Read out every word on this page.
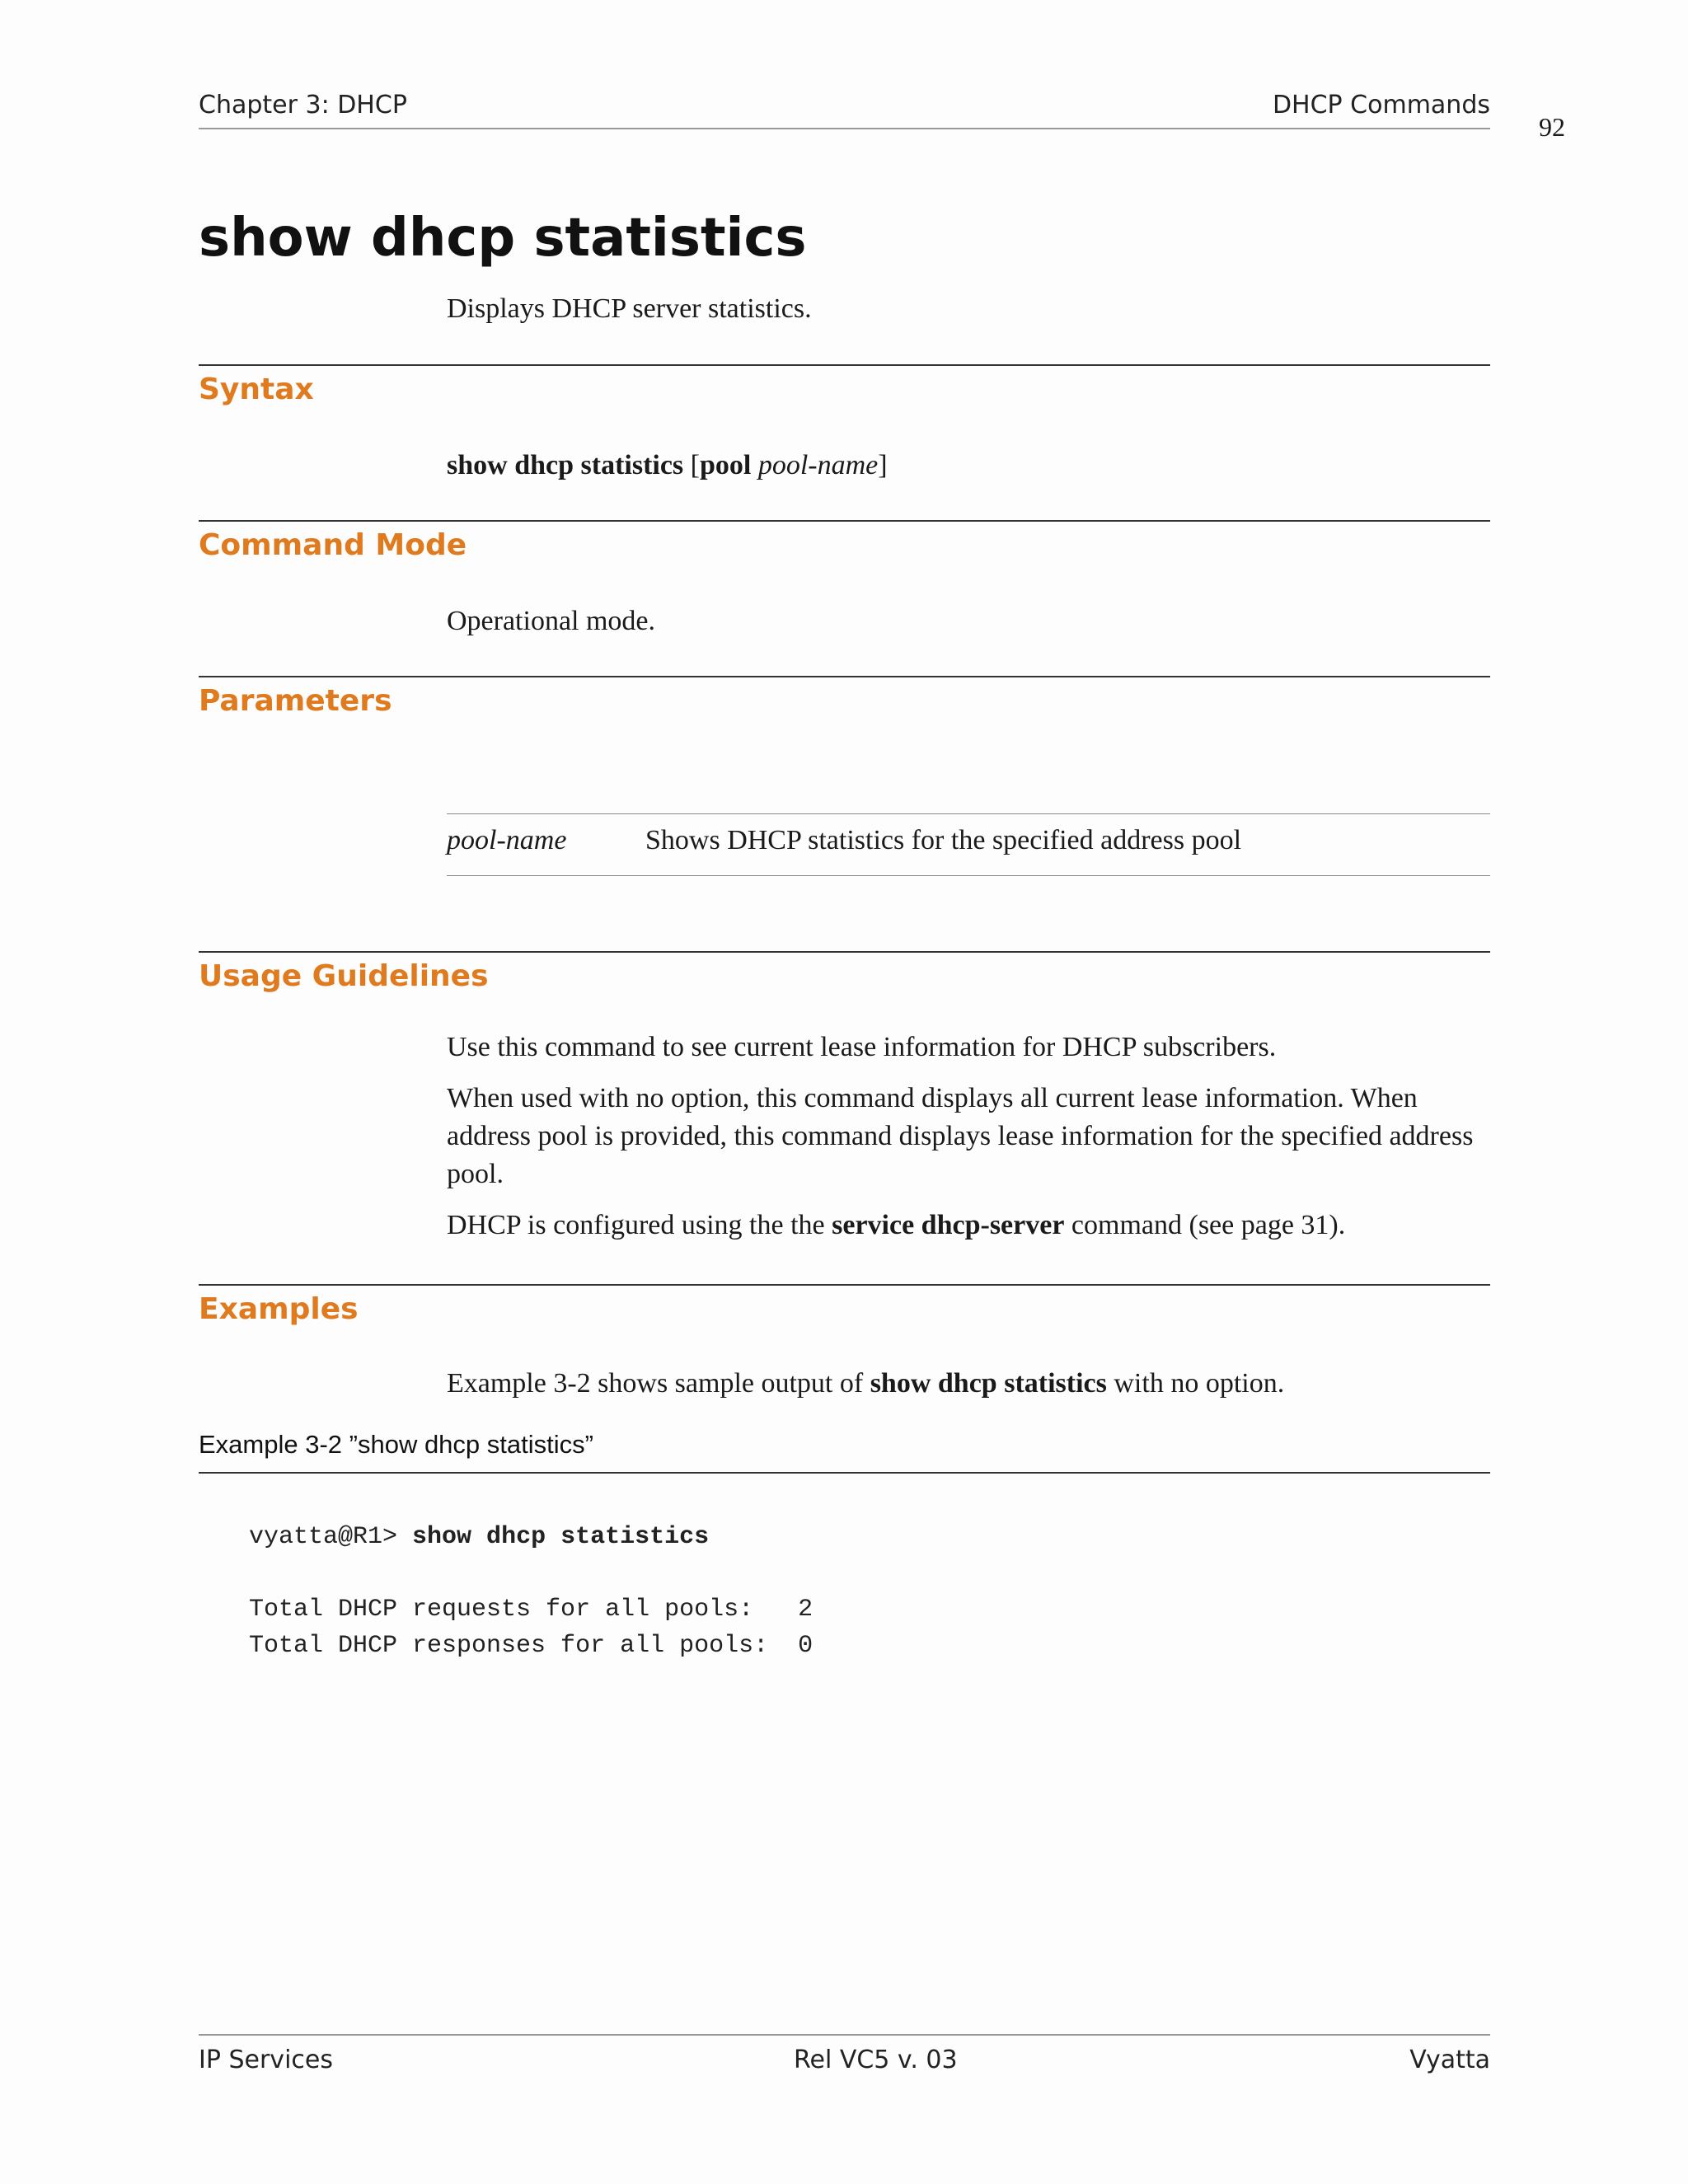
Chapter 3: DHCP	DHCP Commands
92
show dhcp statistics
Displays DHCP server statistics.
Syntax
show dhcp statistics [pool pool-name]
Command Mode
Operational mode.
Parameters
pool-name	Shows DHCP statistics for the specified address pool
Usage Guidelines

Use this command to see current lease information for DHCP subscribers.

When used with no option, this command displays all current lease information. When address pool is provided, this command displays lease information for the specified address pool.

DHCP is configured using the the service dhcp-server command (see page 31).

Examples
Example 3-2 shows sample output of show dhcp statistics with no option.
Example 3-2 ”show dhcp statistics”
vyatta@R1> show dhcp statistics
Total DHCP requests for all pools:   2
Total DHCP responses for all pools:  0
IP Services	Rel VC5 v. 03	Vyatta
